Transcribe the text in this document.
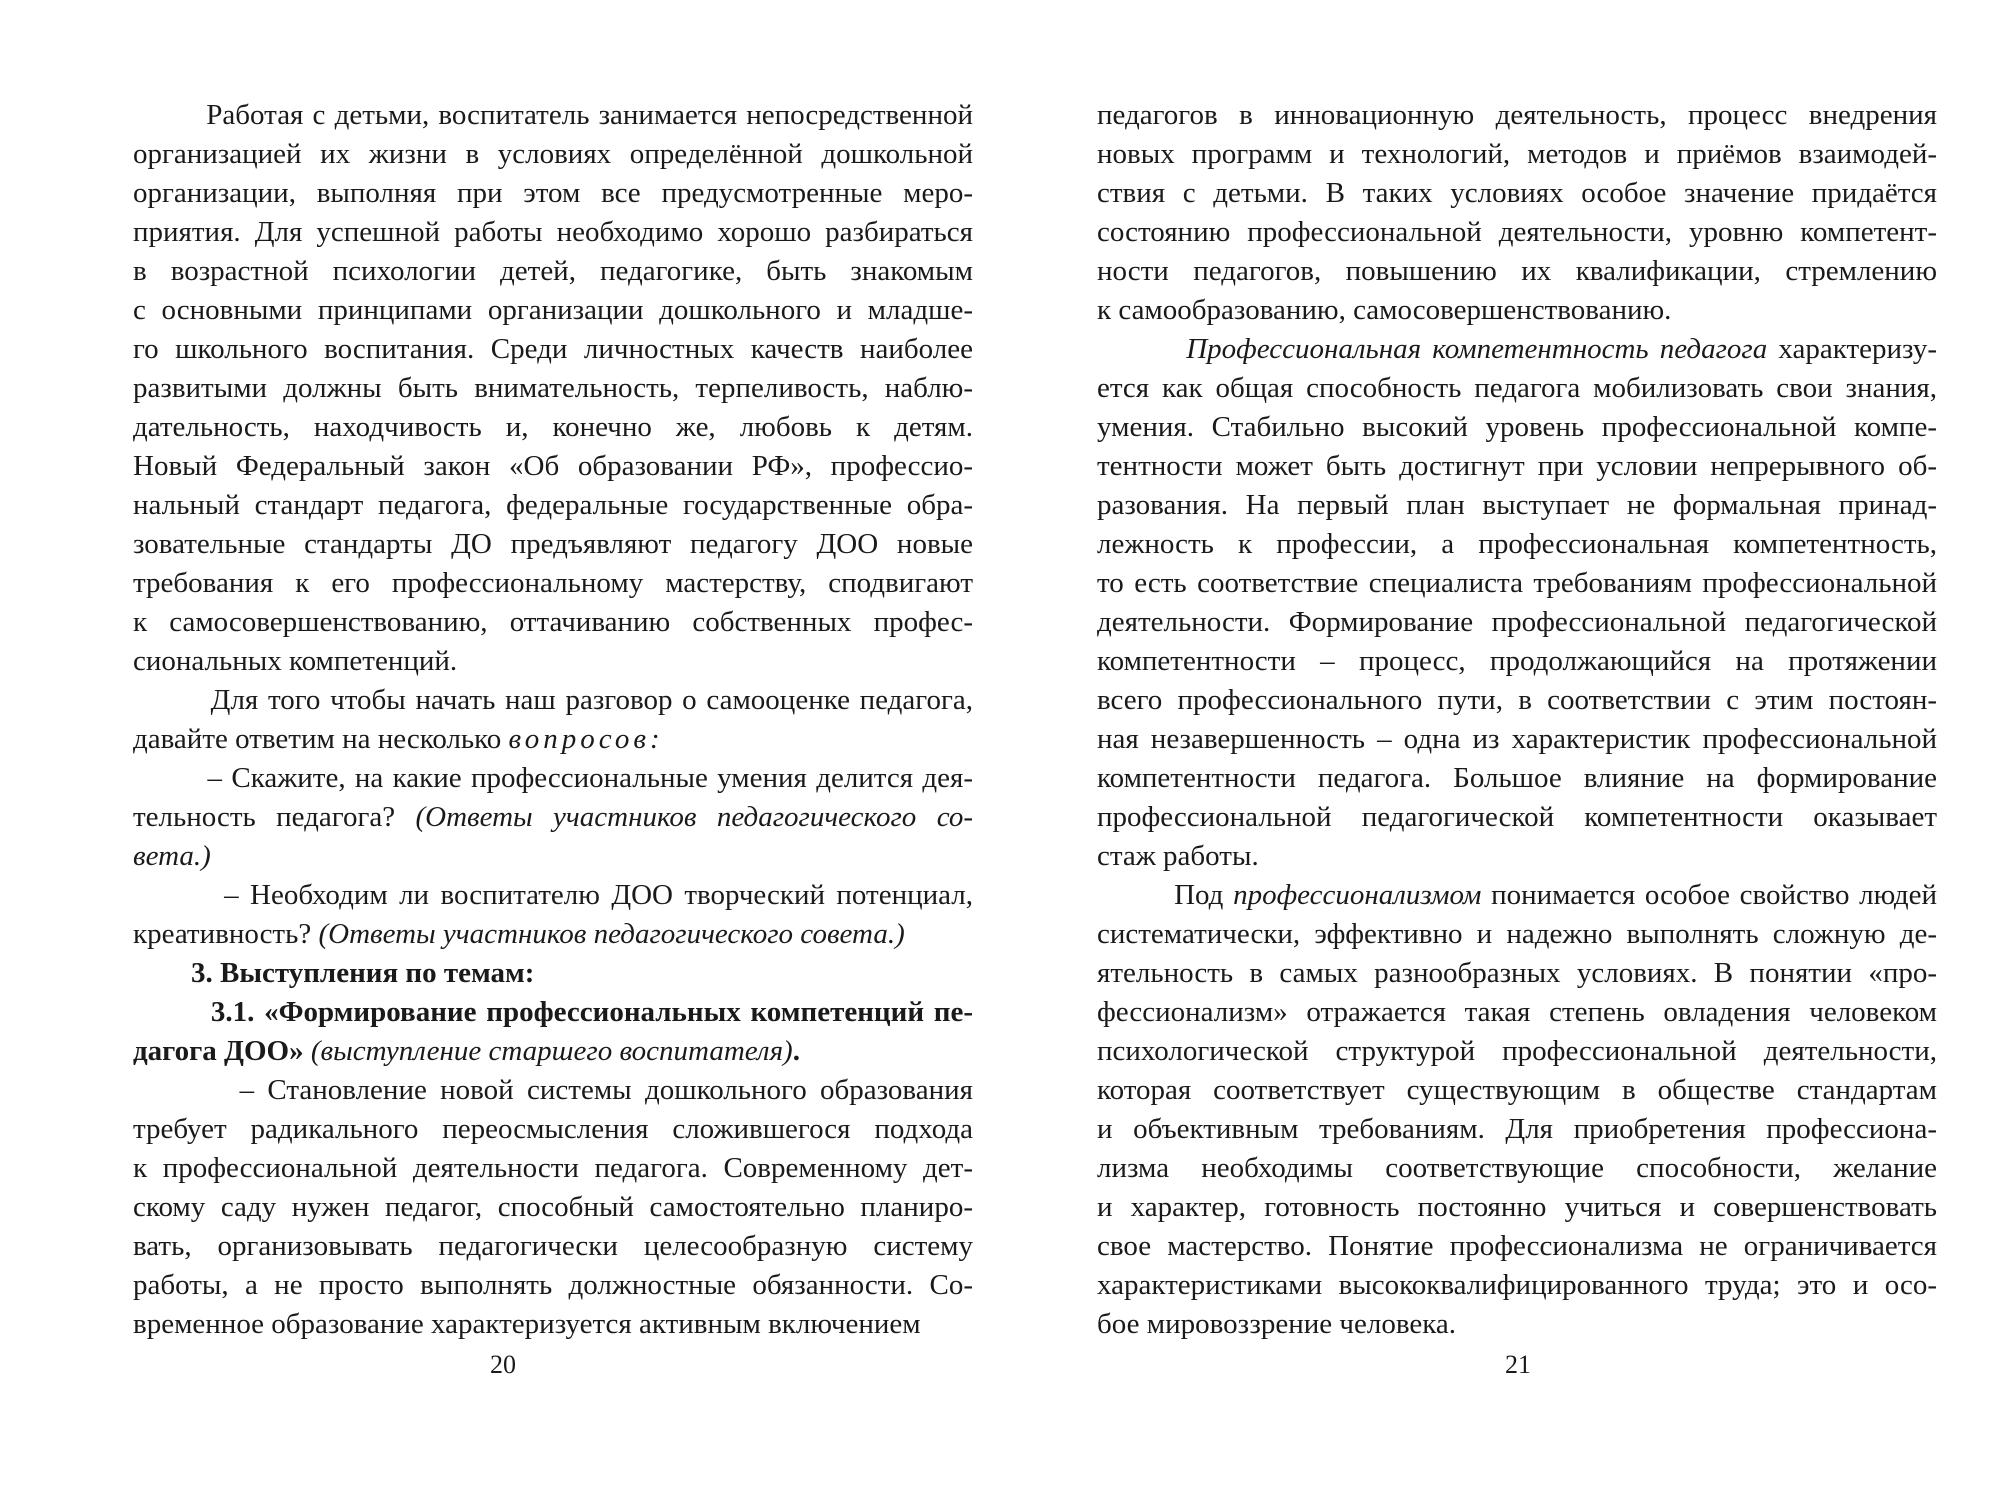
Работая с детьми, воспитатель занимается непосредственной
организацией их жизни в условиях определённой дошкольной
организации, выполняя при этом все предусмотренные меро-
приятия. Для успешной работы необходимо хорошо разбираться
в возрастной психологии детей, педагогике, быть знакомым
с основными принципами организации дошкольного и младше-
го школьного воспитания. Среди личностных качеств наиболее
развитыми должны быть внимательность, терпеливость, наблю-
дательность, находчивость и, конечно же, любовь к детям.
Новый Федеральный закон «Об образовании РФ», профессио-
нальный стандарт педагога, федеральные государственные обра-
зовательные стандарты ДО предъявляют педагогу ДОО новые
требования к его профессиональному мастерству, сподвигают
к самосовершенствованию, оттачиванию собственных профес-
сиональных компетенций.
Для того чтобы начать наш разговор о самооценке педагога,
давайте ответим на несколько вопросов:
– Скажите, на какие профессиональные умения делится дея-
тельность педагога? (Ответы участников педагогического со-
вета.)
– Необходим ли воспитателю ДОО творческий потенциал,
креативность? (Ответы участников педагогического совета.)
3. Выступления по темам:
3.1. «Формирование профессиональных компетенций пе-
дагога ДОО» (выступление старшего воспитателя).
– Становление новой системы дошкольного образования
требует радикального переосмысления сложившегося подхода
к профессиональной деятельности педагога. Современному дет-
скому саду нужен педагог, способный самостоятельно планиро-
вать, организовывать педагогически целесообразную систему
работы, а не просто выполнять должностные обязанности. Со-
временное образование характеризуется активным включением
20
педагогов в инновационную деятельность, процесс внедрения
новых программ и технологий, методов и приёмов взаимодей-
ствия с детьми. В таких условиях особое значение придаётся
состоянию профессиональной деятельности, уровню компетент-
ности педагогов, повышению их квалификации, стремлению
к самообразованию, самосовершенствованию.
Профессиональная компетентность педагога характеризу-
ется как общая способность педагога мобилизовать свои знания,
умения. Стабильно высокий уровень профессиональной компе-
тентности может быть достигнут при условии непрерывного об-
разования. На первый план выступает не формальная принад-
лежность к профессии, а профессиональная компетентность,
то есть соответствие специалиста требованиям профессиональной
деятельности. Формирование профессиональной педагогической
компетентности – процесс, продолжающийся на протяжении
всего профессионального пути, в соответствии с этим постоян-
ная незавершенность – одна из характеристик профессиональной
компетентности педагога. Большое влияние на формирование
профессиональной педагогической компетентности оказывает
стаж работы.
Под профессионализмом понимается особое свойство людей
систематически, эффективно и надежно выполнять сложную де-
ятельность в самых разнообразных условиях. В понятии «про-
фессионализм» отражается такая степень овладения человеком
психологической структурой профессиональной деятельности,
которая соответствует существующим в обществе стандартам
и объективным требованиям. Для приобретения профессиона-
лизма необходимы соответствующие способности, желание
и характер, готовность постоянно учиться и совершенствовать
свое мастерство. Понятие профессионализма не ограничивается
характеристиками высококвалифицированного труда; это и осо-
бое мировоззрение человека.
21
